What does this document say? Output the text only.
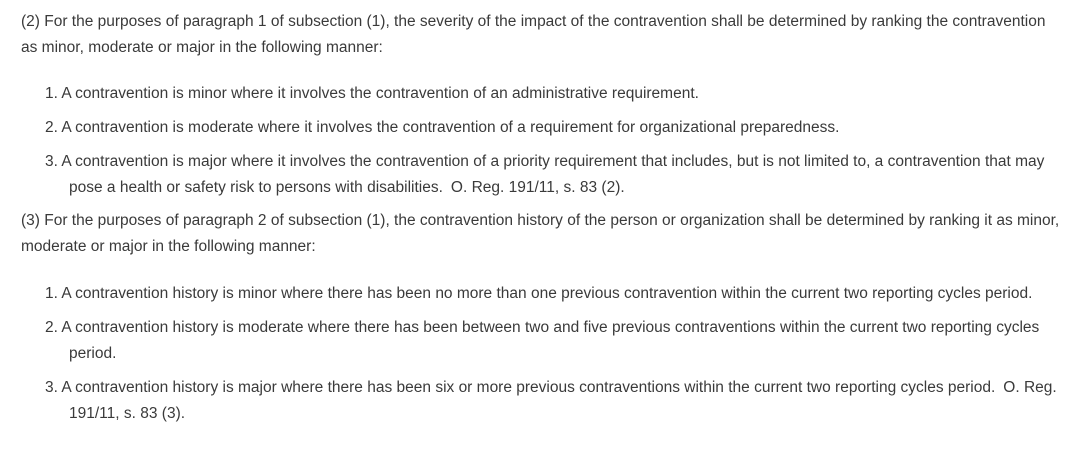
(2) For the purposes of paragraph 1 of subsection (1), the severity of the impact of the contravention shall be determined by ranking the contravention as minor, moderate or major in the following manner:

1. A contravention is minor where it involves the contravention of an administrative requirement.
2. A contravention is moderate where it involves the contravention of a requirement for organizational preparedness.
3. A contravention is major where it involves the contravention of a priority requirement that includes, but is not limited to, a contravention that may pose a health or safety risk to persons with disabilities. O. Reg. 191/11, s. 83 (2).

(3) For the purposes of paragraph 2 of subsection (1), the contravention history of the person or organization shall be determined by ranking it as minor, moderate or major in the following manner:

1. A contravention history is minor where there has been no more than one previous contravention within the current two reporting cycles period.
2. A contravention history is moderate where there has been between two and five previous contraventions within the current two reporting cycles period.
3. A contravention history is major where there has been six or more previous contraventions within the current two reporting cycles period. O. Reg. 191/11, s. 83 (3).
